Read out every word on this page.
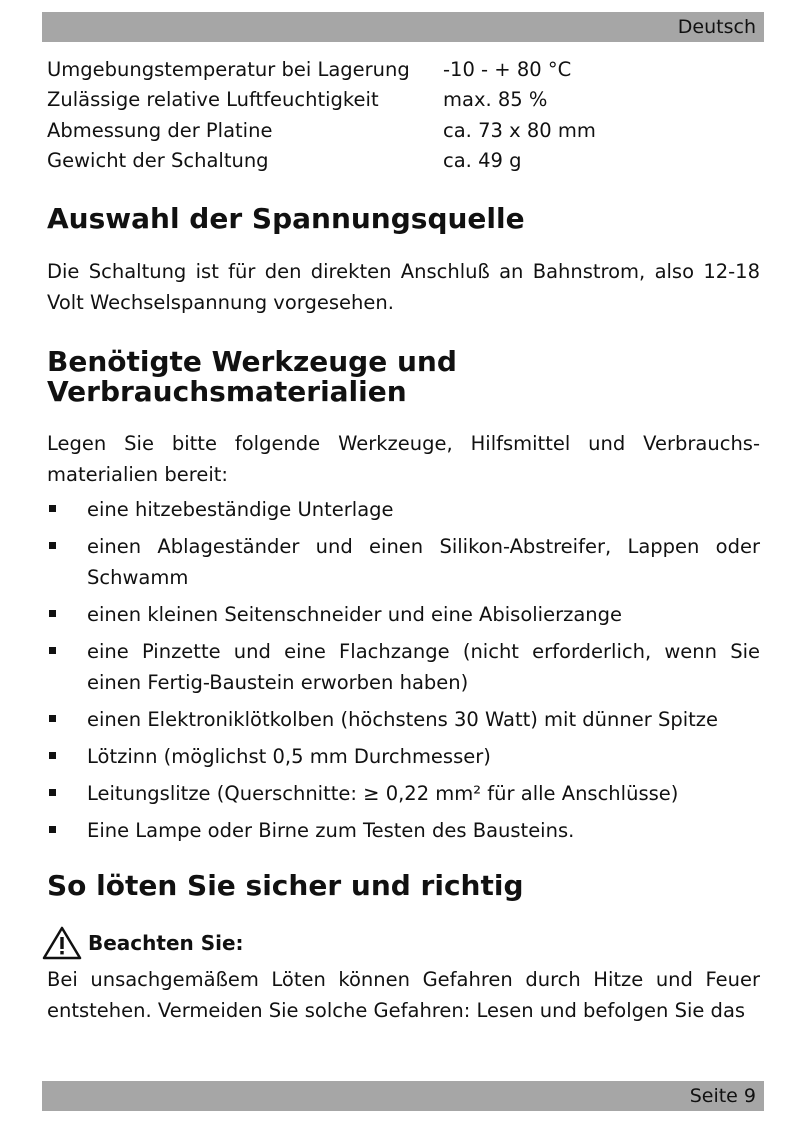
Deutsch
Umgebungstemperatur bei Lagerung	-10 - + 80 °C
Zulässige relative Luftfeuchtigkeit	max. 85 %
Abmessung der Platine	ca. 73 x 80 mm
Gewicht der Schaltung	ca. 49 g
Auswahl der Spannungsquelle

Die Schaltung ist für den direkten Anschluß an Bahnstrom, also 12-18 Volt Wechselspannung vorgesehen.

Benötigte Werkzeuge und
Verbrauchsmaterialien

Legen Sie bitte folgende Werkzeuge, Hilfsmittel und Verbrauchs-materialien bereit:

eine hitzebeständige Unterlage
einen Ablageständer und einen Silikon-Abstreifer, Lappen oder Schwamm
einen kleinen Seitenschneider und eine Abisolierzange
eine Pinzette und eine Flachzange (nicht erforderlich, wenn Sie einen Fertig-Baustein erworben haben)
einen Elektroniklötkolben (höchstens 30 Watt) mit dünner Spitze
Lötzinn (möglichst 0,5 mm Durchmesser)
Leitungslitze (Querschnitte: ≥ 0,22 mm² für alle Anschlüsse)
Eine Lampe oder Birne zum Testen des Bausteins.
So löten Sie sicher und richtig
Beachten Sie:

Bei unsachgemäßem Löten können Gefahren durch Hitze und Feuer entstehen. Vermeiden Sie solche Gefahren: Lesen und befolgen Sie das

Seite 9
